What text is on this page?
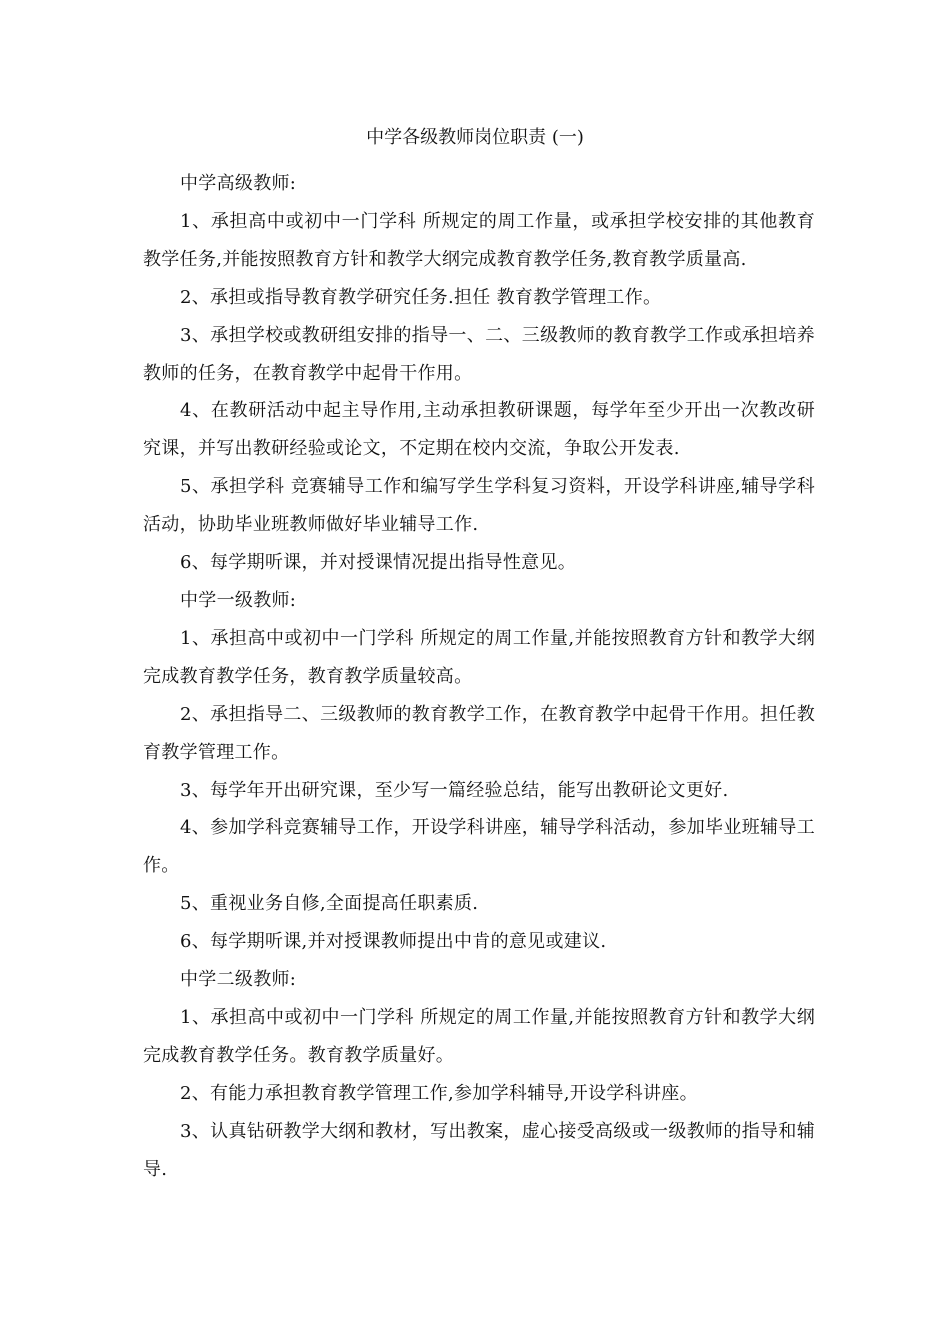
中学各级教师岗位职责 (一)

中学高级教师:

1、承担高中或初中一门学科 所规定的周工作量，或承担学校安排的其他教育教学任务,并能按照教育方针和教学大纲完成教育教学任务,教育教学质量高.

2、承担或指导教育教学研究任务.担任 教育教学管理工作。

3、承担学校或教研组安排的指导一、二、三级教师的教育教学工作或承担培养教师的任务，在教育教学中起骨干作用。

4、在教研活动中起主导作用,主动承担教研课题，每学年至少开出一次教改研究课，并写出教研经验或论文，不定期在校内交流，争取公开发表.

5、承担学科 竞赛辅导工作和编写学生学科复习资料，开设学科讲座,辅导学科活动，协助毕业班教师做好毕业辅导工作.

6、每学期听课，并对授课情况提出指导性意见。

中学一级教师:

1、承担高中或初中一门学科 所规定的周工作量,并能按照教育方针和教学大纲完成教育教学任务，教育教学质量较高。

2、承担指导二、三级教师的教育教学工作，在教育教学中起骨干作用。担任教育教学管理工作。

3、每学年开出研究课，至少写一篇经验总结，能写出教研论文更好.

4、参加学科竞赛辅导工作，开设学科讲座，辅导学科活动，参加毕业班辅导工作。

5、重视业务自修,全面提高任职素质.

6、每学期听课,并对授课教师提出中肯的意见或建议.

中学二级教师:

1、承担高中或初中一门学科 所规定的周工作量,并能按照教育方针和教学大纲完成教育教学任务。教育教学质量好。

2、有能力承担教育教学管理工作,参加学科辅导,开设学科讲座。

3、认真钻研教学大纲和教材，写出教案，虚心接受高级或一级教师的指导和辅导.
